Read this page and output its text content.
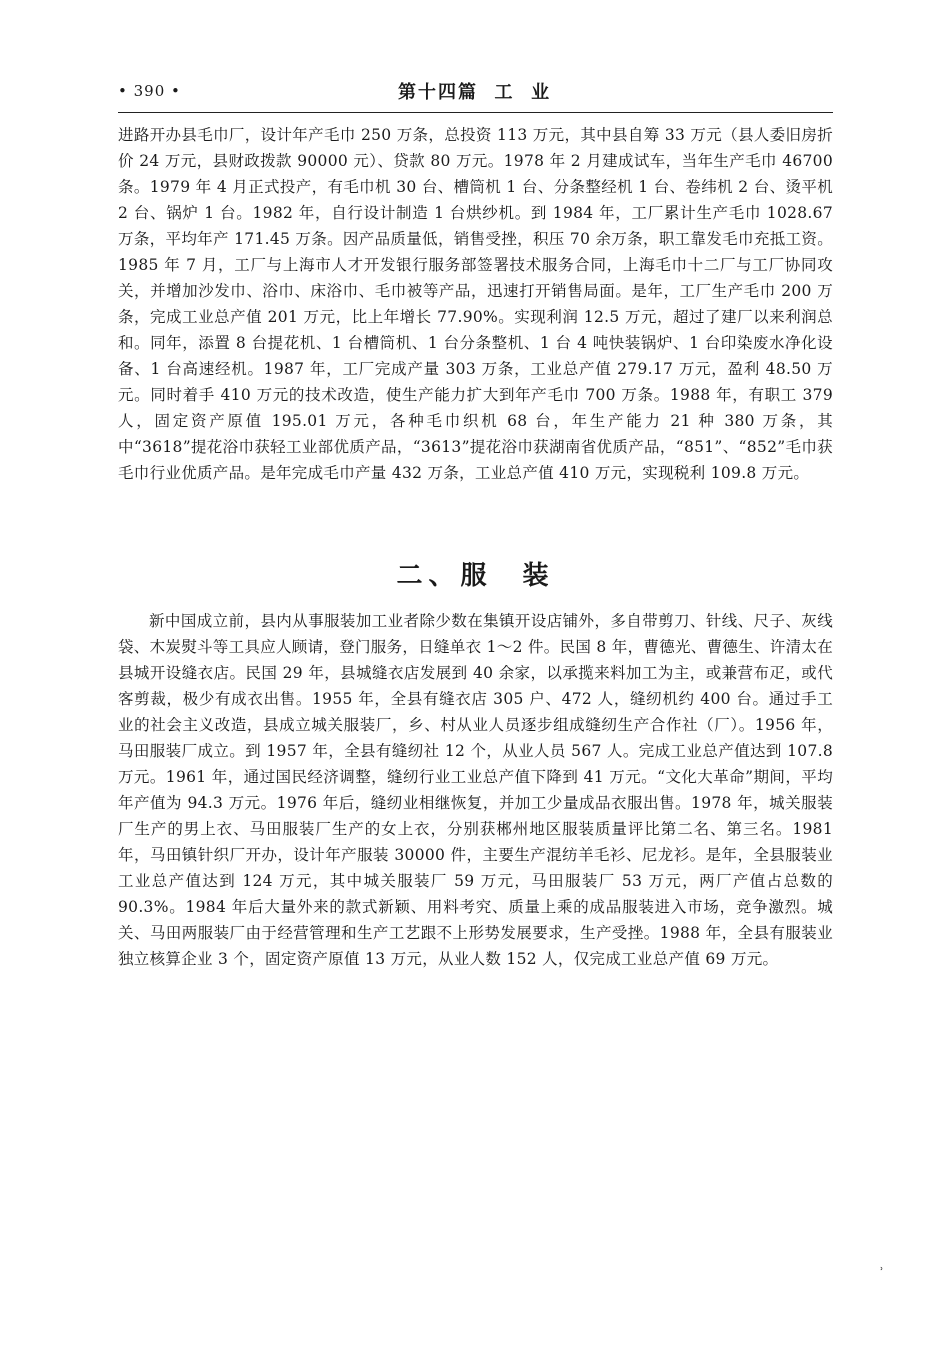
• 390 •	第十四篇  工  业

进路开办县毛巾厂，设计年产毛巾 250 万条，总投资 113 万元，其中县自筹 33 万元（县人委旧房折价 24 万元，县财政拨款 90000 元）、贷款 80 万元。1978 年 2 月建成试车，当年生产毛巾 46700 条。1979 年 4 月正式投产，有毛巾机 30 台、槽筒机 1 台、分条整经机 1 台、卷纬机 2 台、烫平机 2 台、锅炉 1 台。1982 年，自行设计制造 1 台烘纱机。到 1984 年，工厂累计生产毛巾 1028.67 万条，平均年产 171.45 万条。因产品质量低，销售受挫，积压 70 余万条，职工靠发毛巾充抵工资。1985 年 7 月，工厂与上海市人才开发银行服务部签署技术服务合同，上海毛巾十二厂与工厂协同攻关，并增加沙发巾、浴巾、床浴巾、毛巾被等产品，迅速打开销售局面。是年，工厂生产毛巾 200 万条，完成工业总产值 201 万元，比上年增长 77.90%。实现利润 12.5 万元，超过了建厂以来利润总和。同年，添置 8 台提花机、1 台槽筒机、1 台分条整机、1 台 4 吨快装锅炉、1 台印染废水净化设备、1 台高速经机。1987 年，工厂完成产量 303 万条，工业总产值 279.17 万元，盈利 48.50 万元。同时着手 410 万元的技术改造，使生产能力扩大到年产毛巾 700 万条。1988 年，有职工 379 人，固定资产原值 195.01 万元，各种毛巾织机 68 台，年生产能力 21 种 380 万条，其中“3618”提花浴巾获轻工业部优质产品，“3613”提花浴巾获湖南省优质产品，“851”、“852”毛巾获毛巾行业优质产品。是年完成毛巾产量 432 万条，工业总产值 410 万元，实现税利 109.8 万元。

二、服  装

新中国成立前，县内从事服装加工业者除少数在集镇开设店铺外，多自带剪刀、针线、尺子、灰线袋、木炭熨斗等工具应人顾请，登门服务，日缝单衣 1～2 件。民国 8 年，曹德光、曹德生、许清太在县城开设缝衣店。民国 29 年，县城缝衣店发展到 40 余家，以承揽来料加工为主，或兼营布疋，或代客剪裁，极少有成衣出售。1955 年，全县有缝衣店 305 户、472 人，缝纫机约 400 台。通过手工业的社会主义改造，县成立城关服装厂，乡、村从业人员逐步组成缝纫生产合作社（厂）。1956 年，马田服装厂成立。到 1957 年，全县有缝纫社 12 个，从业人员 567 人。完成工业总产值达到 107.8 万元。1961 年，通过国民经济调整，缝纫行业工业总产值下降到 41 万元。“文化大革命”期间，平均年产值为 94.3 万元。1976 年后，缝纫业相继恢复，并加工少量成品衣服出售。1978 年，城关服装厂生产的男上衣、马田服装厂生产的女上衣，分别获郴州地区服装质量评比第二名、第三名。1981 年，马田镇针织厂开办，设计年产服装 30000 件，主要生产混纺羊毛衫、尼龙衫。是年，全县服装业工业总产值达到 124 万元，其中城关服装厂 59 万元，马田服装厂 53 万元，两厂产值占总数的 90.3%。1984 年后大量外来的款式新颖、用料考究、质量上乘的成品服装进入市场，竞争激烈。城关、马田两服装厂由于经营管理和生产工艺跟不上形势发展要求，生产受挫。1988 年，全县有服装业独立核算企业 3 个，固定资产原值 13 万元，从业人数 152 人，仅完成工业总产值 69 万元。

˒
